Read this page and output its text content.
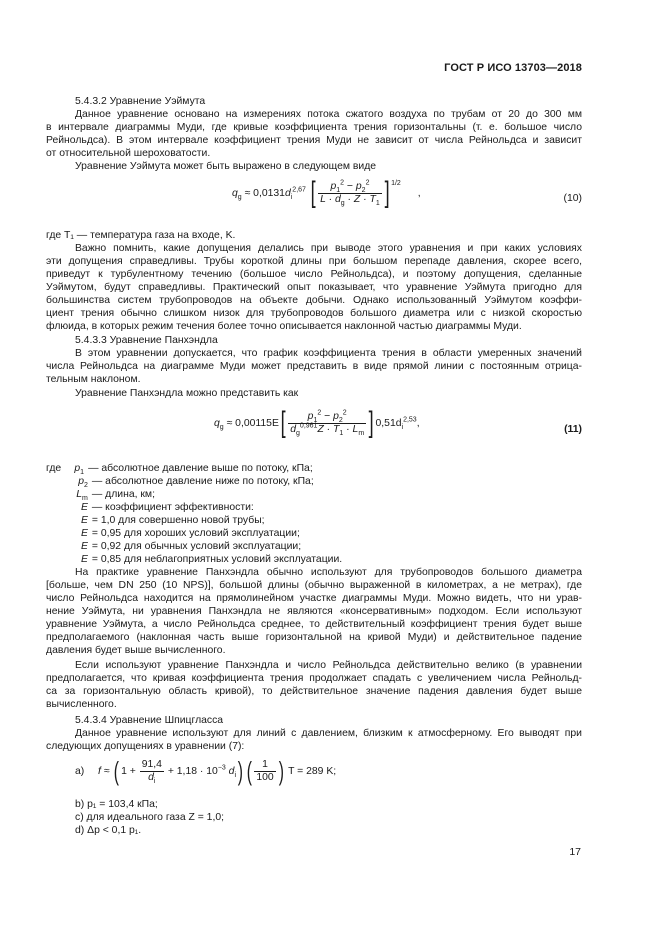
ГОСТ Р ИСО 13703—2018
5.4.3.2 Уравнение Уэймута
Данное уравнение основано на измерениях потока сжатого воздуха по трубам от 20 до 300 мм
в интервале диаграммы Муди, где кривые коэффициента трения горизонтальны (т. е. большое число
Рейнольдса). В этом интервале коэффициент трения Муди не зависит от числа Рейнольдса и зависит
от относительной шероховатости.
Уравнение Уэймута может быть выражено в следующем виде
$q_g \approx 0,0131d_i^{2,67}$ [ $\frac{p_1^2 - p_2^2}{L \cdot d_g \cdot Z \cdot T_1}$ ] $^{1/2}$ ,	(10)
где T₁ — температура газа на входе, K.
Важно помнить, какие допущения делались при выводе этого уравнения и при каких условиях
эти допущения справедливы. Трубы короткой длины при большом перепаде давления, скорее всего,
приведут к турбулентному течению (большое число Рейнольдса), и поэтому допущения, сделанные
Уэймутом, будут справедливы. Практический опыт показывает, что уравнение Уэймута пригодно для
большинства систем трубопроводов на объекте добычи. Однако использованный Уэймутом коэффи-
циент трения обычно слишком низок для трубопроводов большого диаметра или с низкой скоростью
флюида, в которых режим течения более точно описывается наклонной частью диаграммы Муди.
5.4.3.3 Уравнение Панхэндла
В этом уравнении допускается, что график коэффициента трения в области умеренных значений
числа Рейнольдса на диаграмме Муди может представить в виде прямой линии с постоянным отрица-
тельным наклоном.
Уравнение Панхэндла можно представить как
$q_g \approx 0,00115E[ \frac{p_1^2 - p_2^2}{d_g^{0,961}Z \cdot T_1 \cdot L_m}$ ] $0,51d_i^{2,53}$,
(11)
где $p_1$ — абсолютное давление выше по потоку, кПа;
$p_2$ — абсолютное давление ниже по потоку, кПа;
$L_m$ — длина, км;
E — коэффициент эффективности:
E = 1,0 для совершенно новой трубы;
E = 0,95 для хороших условий эксплуатации;
E = 0,92 для обычных условий эксплуатации;
E = 0,85 для неблагоприятных условий эксплуатации.
На практике уравнение Панхэндла обычно используют для трубопроводов большого диаметра
[больше, чем DN 250 (10 NPS)], большой длины (обычно выраженной в километрах, а не метрах), где
число Рейнольдса находится на прямолинейном участке диаграммы Муди. Можно видеть, что ни урав-
нение Уэймута, ни уравнения Панхэндла не являются «консервативным» подходом. Если используют
уравнение Уэймута, а число Рейнольдса среднее, то действительный коэффициент трения будет выше
предполагаемого (наклонная часть выше горизонтальной на кривой Муди) и действительное падение
давления будет выше вычисленного.
Если используют уравнение Панхэндла и число Рейнольдса действительно велико (в уравнении
предполагается, что кривая коэффициента трения продолжает спадать с увеличением числа Рейнольд-
са за горизонтальную область кривой), то действительное значение падения давления будет выше
вычисленного.
5.4.3.4 Уравнение Шпицгласса
Данное уравнение используют для линий с давлением, близким к атмосферному. Его выводят при
следующих допущениях в уравнении (7):
a) f ≈ ( $1 + \frac{91,4}{d_i} + 1,18 \cdot 10^{-3}$ $d_i$) ( $\frac{1}{100}$ ) T = 289 K;
b) p₁ = 103,4 кПа;
c) для идеального газа Z = 1,0;
d) Δp < 0,1 p₁.
17
